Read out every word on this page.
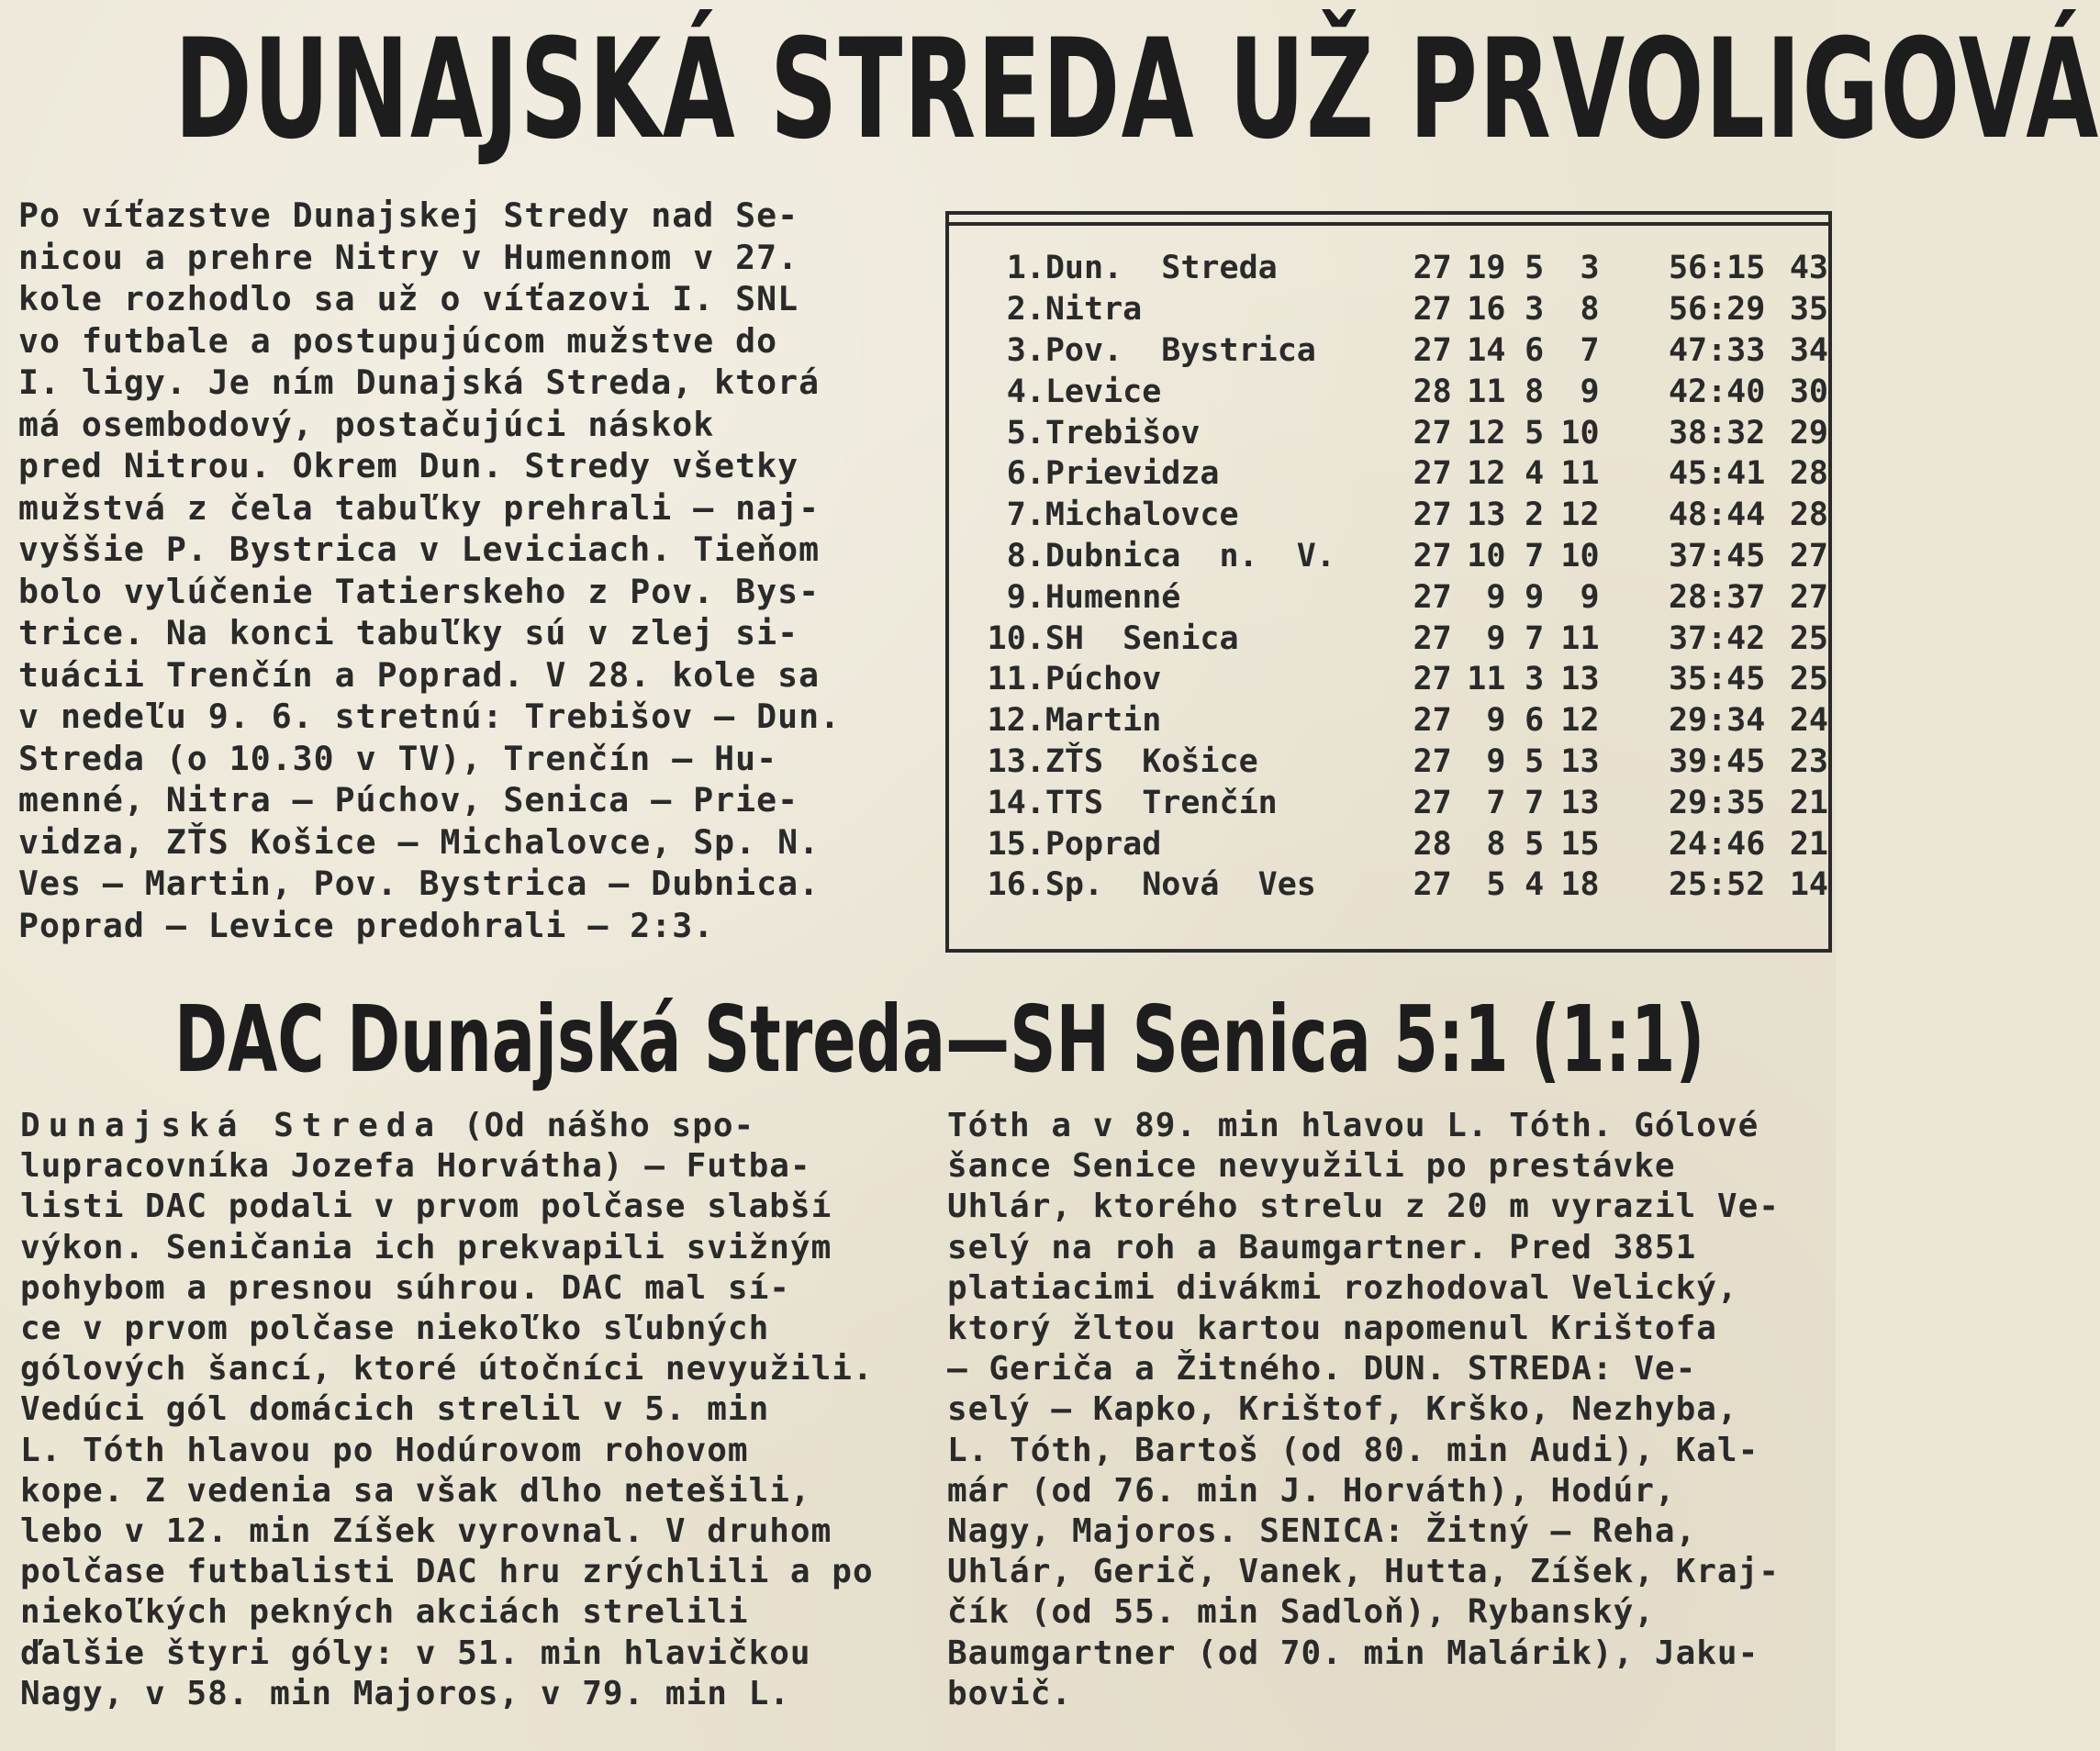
DUNAJSKÁ STREDA UŽ PRVOLIGOVÁ

Po víťazstve Dunajskej Stredy nad Se-
nicou a prehre Nitry v Humennom v 27.
kole rozhodlo sa už o víťazovi I. SNL
vo futbale a postupujúcom mužstve do
I. ligy. Je ním Dunajská Streda, ktorá
má osembodový, postačujúci náskok
pred Nitrou. Okrem Dun. Stredy všetky
mužstvá z čela tabuľky prehrali — naj-
vyššie P. Bystrica v Leviciach. Tieňom
bolo vylúčenie Tatierskeho z Pov. Bys-
trice. Na konci tabuľky sú v zlej si-
tuácii Trenčín a Poprad. V 28. kole sa
v nedeľu 9. 6. stretnú: Trebišov — Dun.
Streda (o 10.30 v TV), Trenčín — Hu-
menné, Nitra — Púchov, Senica — Prie-
vidza, ZŤS Košice — Michalovce, Sp. N.
Ves — Martin, Pov. Bystrica — Dubnica.
Poprad — Levice predohrali — 2:3.

1.	Dun.  Streda	27	19	5	3	56:15	43
2.	Nitra	27	16	3	8	56:29	35
3.	Pov.  Bystrica	27	14	6	7	47:33	34
4.	Levice	28	11	8	9	42:40	30
5.	Trebišov	27	12	5	10	38:32	29
6.	Prievidza	27	12	4	11	45:41	28
7.	Michalovce	27	13	2	12	48:44	28
8.	Dubnica  n.  V.	27	10	7	10	37:45	27
9.	Humenné	27	9	9	9	28:37	27
10.	SH  Senica	27	9	7	11	37:42	25
11.	Púchov	27	11	3	13	35:45	25
12.	Martin	27	9	6	12	29:34	24
13.	ZŤS  Košice	27	9	5	13	39:45	23
14.	TTS  Trenčín	27	7	7	13	29:35	21
15.	Poprad	28	8	5	15	24:46	21
16.	Sp.  Nová  Ves	27	5	4	18	25:52	14
DAC Dunajská Streda—SH Senica 5:1 (1:1)

Dunajská Streda (Od nášho spo-
lupracovníka Jozefa Horvátha) — Futba-
listi DAC podali v prvom polčase slabší
výkon. Seničania ich prekvapili svižným
pohybom a presnou súhrou. DAC mal sí-
ce v prvom polčase niekoľko sľubných
gólových šancí, ktoré útočníci nevyužili.
Vedúci gól domácich strelil v 5. min
L. Tóth hlavou po Hodúrovom rohovom
kope. Z vedenia sa však dlho netešili,
lebo v 12. min Zíšek vyrovnal. V druhom
polčase futbalisti DAC hru zrýchlili a po
niekoľkých pekných akciách strelili
ďalšie štyri góly: v 51. min hlavičkou
Nagy, v 58. min Majoros, v 79. min L.

Tóth a v 89. min hlavou L. Tóth. Gólové
šance Senice nevyužili po prestávke
Uhlár, ktorého strelu z 20 m vyrazil Ve-
selý na roh a Baumgartner. Pred 3851
platiacimi divákmi rozhodoval Velický,
ktorý žltou kartou napomenul Krištofa
— Geriča a Žitného. DUN. STREDA: Ve-
selý — Kapko, Krištof, Krško, Nezhyba,
L. Tóth, Bartoš (od 80. min Audi), Kal-
már (od 76. min J. Horváth), Hodúr,
Nagy, Majoros. SENICA: Žitný — Reha,
Uhlár, Gerič, Vanek, Hutta, Zíšek, Kraj-
čík (od 55. min Sadloň), Rybanský,
Baumgartner (od 70. min Malárik), Jaku-
bovič.
